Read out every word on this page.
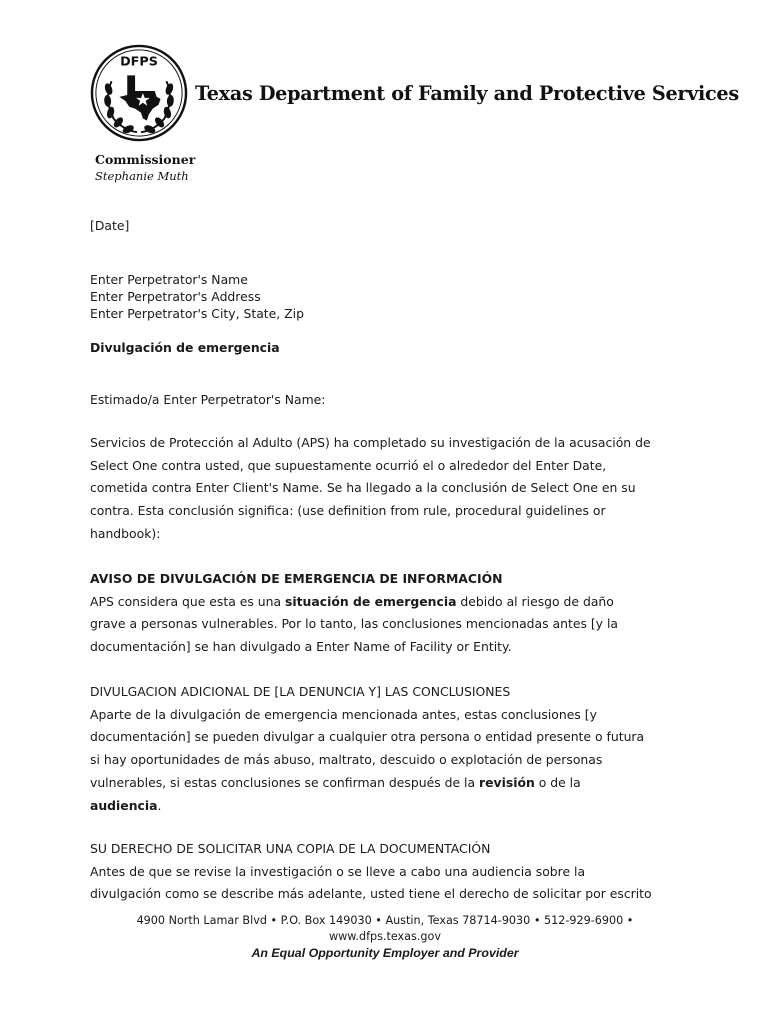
DFPS
Texas Department of Family and Protective Services
Commissioner
Stephanie Muth

[Date]

Enter Perpetrator's Name

Enter Perpetrator's Address

Enter Perpetrator's City, State, Zip

Divulgación de emergencia

Estimado/a Enter Perpetrator's Name:

Servicios de Protección al Adulto (APS) ha completado su investigación de la acusación de

Select One contra usted, que supuestamente ocurrió el o alrededor del Enter Date,

cometida contra Enter Client's Name. Se ha llegado a la conclusión de Select One en su

contra. Esta conclusión significa: (use definition from rule, procedural guidelines or

handbook):

AVISO DE DIVULGACIÓN DE EMERGENCIA DE INFORMACIÓN

APS considera que esta es una situación de emergencia debido al riesgo de daño

grave a personas vulnerables. Por lo tanto, las conclusiones mencionadas antes [y la

documentación] se han divulgado a Enter Name of Facility or Entity.

DIVULGACION ADICIONAL DE [LA DENUNCIA Y] LAS CONCLUSIONES

Aparte de la divulgación de emergencia mencionada antes, estas conclusiones [y

documentación] se pueden divulgar a cualquier otra persona o entidad presente o futura

si hay oportunidades de más abuso, maltrato, descuido o explotación de personas

vulnerables, si estas conclusiones se confirman después de la revisión o de la

audiencia.

SU DERECHO DE SOLICITAR UNA COPIA DE LA DOCUMENTACIÓN

Antes de que se revise la investigación o se lleve a cabo una audiencia sobre la

divulgación como se describe más adelante, usted tiene el derecho de solicitar por escrito

4900 North Lamar Blvd • P.O. Box 149030 • Austin, Texas 78714-9030 • 512-929-6900 •
www.dfps.texas.gov
An Equal Opportunity Employer and Provider
